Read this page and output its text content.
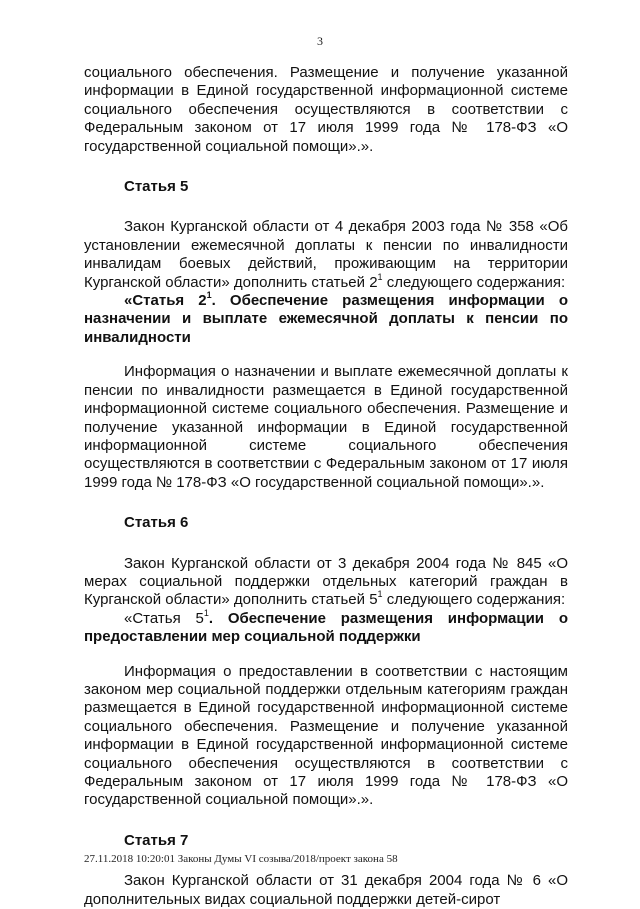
3

социального обеспечения. Размещение и получение указанной информации в Единой государственной информационной системе социального обеспечения осуществляются в соответствии с Федеральным законом от 17 июля 1999 года № 178-ФЗ «О государственной социальной помощи».».

Статья 5

Закон Курганской области от 4 декабря 2003 года № 358 «Об установлении ежемесячной доплаты к пенсии по инвалидности инвалидам боевых действий, проживающим на территории Курганской области» дополнить статьей $2^1$ следующего содержания:

«Статья $2^1$. Обеспечение размещения информации о назначении и выплате ежемесячной доплаты к пенсии по инвалидности

Информация о назначении и выплате ежемесячной доплаты к пенсии по инвалидности размещается в Единой государственной информационной системе социального обеспечения. Размещение и получение указанной информации в Единой государственной информационной системе социального обеспечения осуществляются в соответствии с Федеральным законом от 17 июля 1999 года № 178-ФЗ «О государственной социальной помощи».».

Статья 6

Закон Курганской области от 3 декабря 2004 года № 845 «О мерах социальной поддержки отдельных категорий граждан в Курганской области» дополнить статьей $5^1$ следующего содержания:

«Статья $5^1$. Обеспечение размещения информации о предоставлении мер социальной поддержки

Информация о предоставлении в соответствии с настоящим законом мер социальной поддержки отдельным категориям граждан размещается в Единой государственной информационной системе социального обеспечения. Размещение и получение указанной информации в Единой государственной информационной системе социального обеспечения осуществляются в соответствии с Федеральным законом от 17 июля 1999 года № 178-ФЗ «О государственной социальной помощи».».

Статья 7

Закон Курганской области от 31 декабря 2004 года № 6 «О дополнительных видах социальной поддержки детей-сирот

27.11.2018 10:20:01 Законы Думы VI созыва/2018/проект закона 58
